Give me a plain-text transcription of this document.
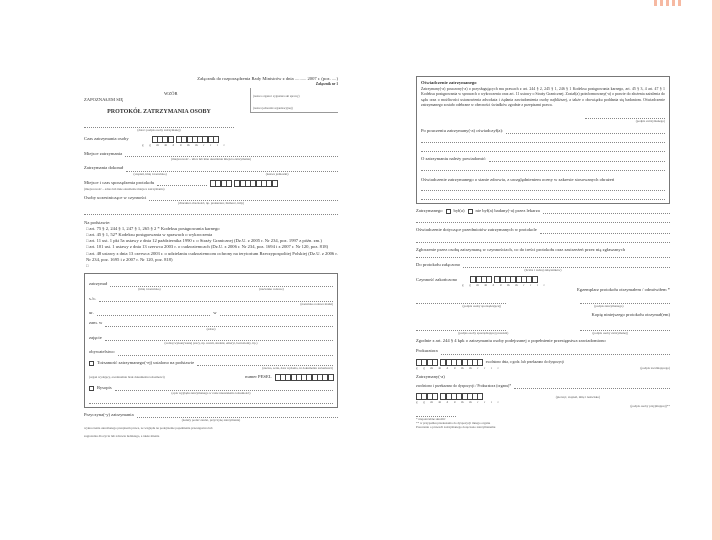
Załącznik do rozporządzenia Rady Ministrów z dnia .......... 2007 r. (poz. ....)
Załącznik nr 1
(nazwa organu i sygnatura akt sprawy)
(nazwa jednostki organizacyjnej)
WZÓR
ZAPOZNAŁEM SIĘ
PROTOKÓŁ ZATRZYMANIA OSOBY
(data i podpis osoby zatrzymanej)
Czas zatrzymania osoby
g g m m d d m m r r r r
Miejsce zatrzymania
(miejscowość – ulica lub inne określenie miejsca zatrzymania)
Zatrzymania dokonał
(stopień, imię i nazwisko)	(nazwa jednostki)
Miejsce i czas sporządzenia protokołu
(miejscowość – adres lub inne określenie miejsca zatrzymania)
Osoby uczestniczące w czynności
(charakter obecności, np. prokurator, tłumacz, inny)
Na podstawie:
□ art. 75 § 2, 244 § 1, 247 § 1, 265 § 2 * Kodeksu postępowania karnego
□ art. 45 § 1, 52* Kodeksu postępowania w sprawach o wykroczenia
□ art. 11 ust. 1 pkt 5a ustawy z dnia 12 października 1990 r. o Straży Granicznej (Dz.U. z 2005 r. Nr 234, poz. 1997 z późn. zm.)
□ art. 101 ust. 1 ustawy z dnia 13 czerwca 2003 r. o cudzoziemcach (Dz.U. z 2006 r. Nr 234, poz. 1694 i z 2007 r. Nr 120, poz. 818)
□ art. 48 ustawy z dnia 13 czerwca 2003 r. o udzielaniu cudzoziemcom ochrony na terytorium Rzeczypospolitej Polskiej (Dz.U. z 2006 r. Nr 234, poz. 1695 i z 2007 r. Nr 120, poz. 818)
□
zatrzymał
(imię i nazwisko)	(nazwisko rodowe)
s./c.
(nazwisko rodowe matki)
ur.	w
zam. w
(adres)
zajęcie
(rodzaj wykonywanej pracy, np. uczeń, student, emeryt, bezrobotny, itp.)
obywatelstwo
Tożsamość zatrzymanego(-ej) ustalono na podstawie
(nazwa, seria, data wydania, nr dokumentu tożsamości)
(organ wydający, ewentualnie brak dokumentu tożsamości)	numer PESEL
Rysopis
(opis wyglądu zatrzymanego w razie nieustalenia tożsamości)
Przyczyna(-y) zatrzymania
(należy podać zarzut, przyczynę zatrzymania)
wykroczenia określonego przepisem prawa, ze względu na podejrzenie popełnienia przestępstwa lub
zagrożenia dla życia lub zdrowia ludzkiego, a także mienia
Oświadczenie zatrzymanego
Zatrzymany(-a) pouczony(-a) o przysługujących mu prawach z art. 244 § 2, 245 § 1, 246 § 1 Kodeksu postępowania karnego, art. 45 § 3, 4 art. 47 § 1 Kodeksu postępowania w sprawach o wykroczenia oraz art. 11 ustawy o Straży Granicznej. Został(a) poinformowany(-a) o prawie do złożenia zażalenia do sądu oraz o możliwości ustanowienia adwokata i żądania zawiadomienia osoby najbliższej, a także o obowiązku poddania się badaniom. Oświadczenie zatrzymanego zostało odebrane w obecności świadków zgodnie z przepisami prawa.
(podpis zatrzymanego)
Po pouczeniu zatrzymany(-a) oświadczył(a):
O zatrzymaniu należy powiadomić:
Oświadczenie zatrzymanego o stanie zdrowia, z uwzględnieniem oceny w zakresie stosowanych obrażeń
Zatrzymanego był(a) nie był(a) badany(-a) przez lekarza
Oświadczenie dotyczące przedmiotów zatrzymanych w protokole
Zgłoszenie przez osobę zatrzymaną w czynnościach, co do treści protokołu oraz zastrzeżeń przez nią zgłaszanych
Do protokołu załączono
(liczba i rodzaj załączników)
Czynność zakończono
g g m m d d m m r r r r
Egzemplarz protokołu otrzymałem / odmówiłem *
(podpis osoby sporządzającej)	(podpis zatrzymanego)
Kopię niniejszego protokołu otrzymał(em)
(podpis osoby sporządzającej protokół)	(podpis osoby zatrzymanej)
Zgodnie z art. 244 § 4 kpk o zatrzymaniu osoby podejrzanej o popełnienie przestępstwa zawiadomiono
Prokuratora
zwolniono dnia, o godz. lub przekazano do dyspozycji
g g m m d d m m r r r r	(podpis zwalniającego)
Zatrzymany(-a)
zwolniono i przekazano do dyspozycji / Prokuratora (organu)*
(pieczęć, stopień, imię i nazwisko)
g g m m d d m m r r r r
(podpis osoby przyjmującej)**
* niepotrzebne skreślić
** w przypadku przekazania do dyspozycji innego organu
Pouczenie o prawach zatrzymanego doręczono zatrzymanemu
